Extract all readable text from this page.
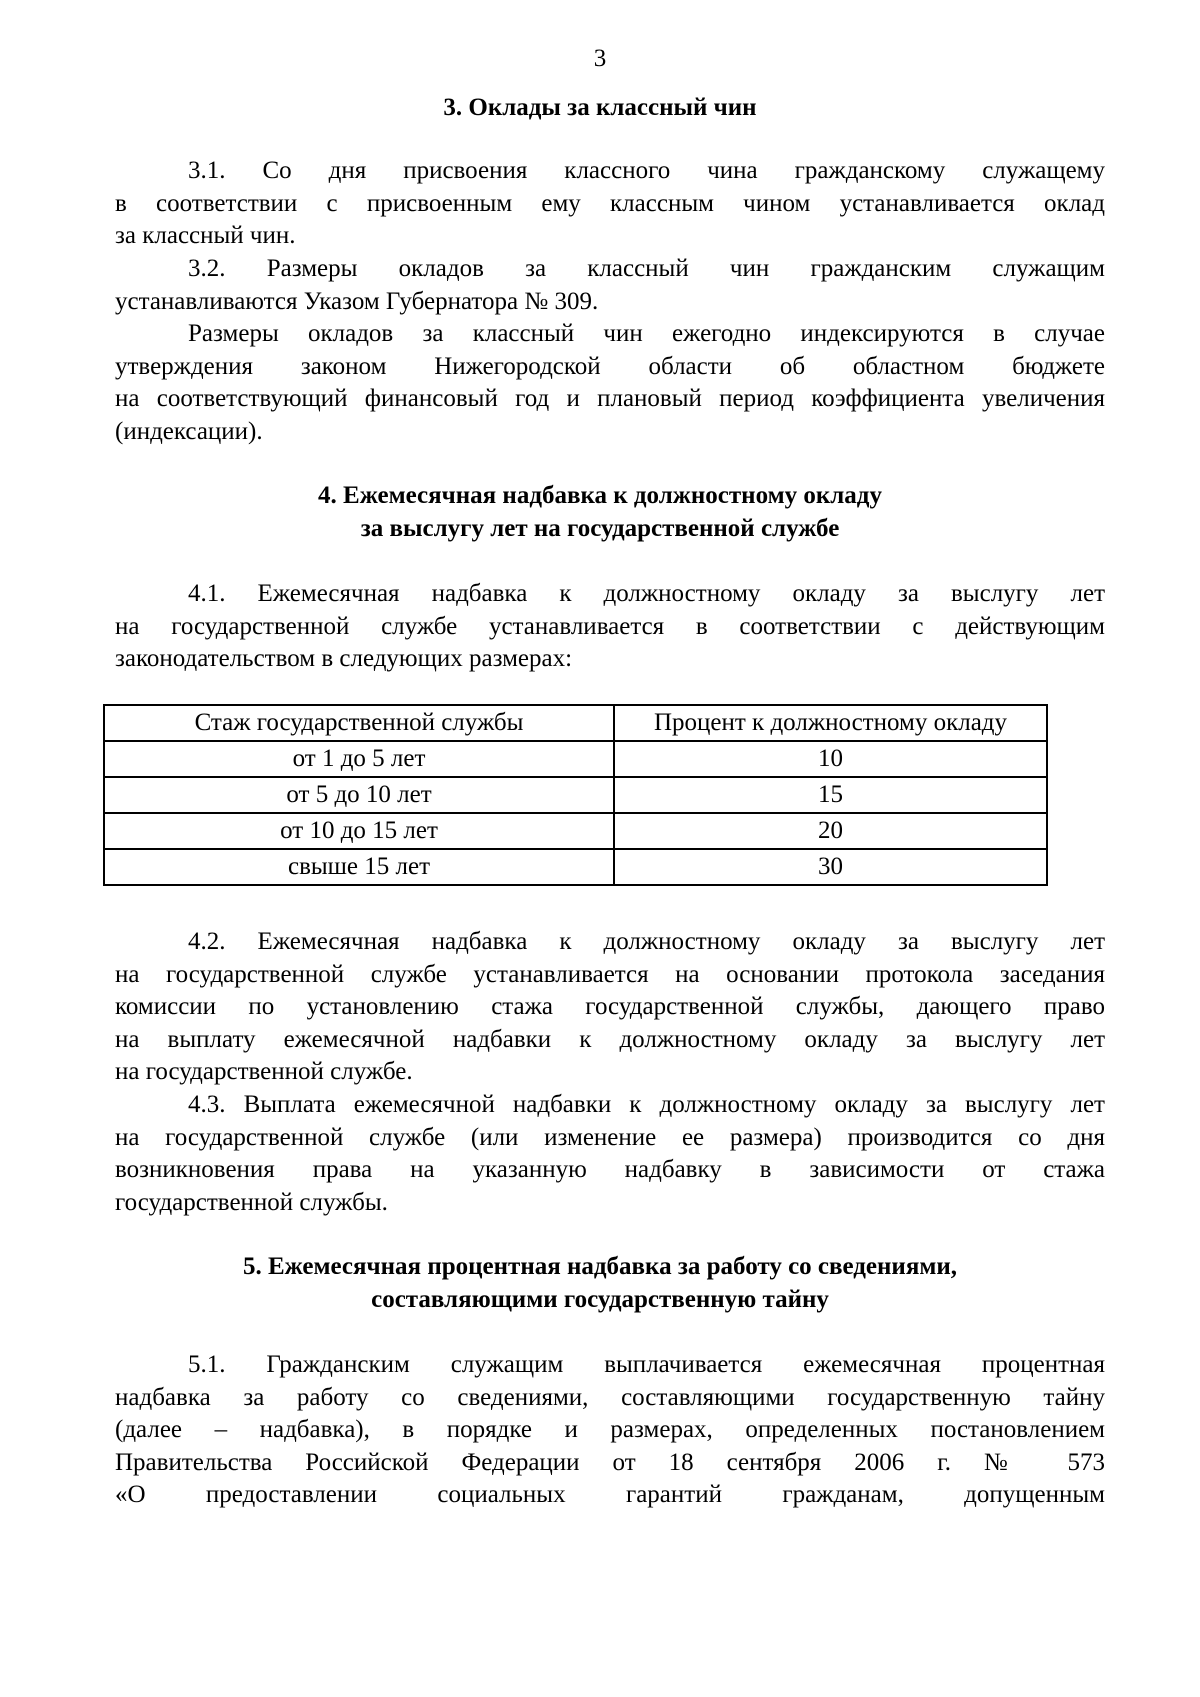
3
3. Оклады за классный чин
3.1. Со дня присвоения классного чина гражданскому служащему
в соответствии с присвоенным ему классным чином устанавливается оклад
за классный чин.
3.2. Размеры окладов за классный чин гражданским служащим
устанавливаются Указом Губернатора № 309.
Размеры окладов за классный чин ежегодно индексируются в случае
утверждения законом Нижегородской области об областном бюджете
на соответствующий финансовый год и плановый период коэффициента увеличения
(индексации).
4. Ежемесячная надбавка к должностному окладу
за выслугу лет на государственной службе
4.1. Ежемесячная надбавка к должностному окладу за выслугу лет
на государственной службе устанавливается в соответствии с действующим
законодательством в следующих размерах:
Стаж государственной службы	Процент к должностному окладу
от 1 до 5 лет	10
от 5 до 10 лет	15
от 10 до 15 лет	20
свыше 15 лет	30
4.2. Ежемесячная надбавка к должностному окладу за выслугу лет
на государственной службе устанавливается на основании протокола заседания
комиссии по установлению стажа государственной службы, дающего право
на выплату ежемесячной надбавки к должностному окладу за выслугу лет
на государственной службе.
4.3. Выплата ежемесячной надбавки к должностному окладу за выслугу лет
на государственной службе (или изменение ее размера) производится со дня
возникновения права на указанную надбавку в зависимости от стажа
государственной службы.
5. Ежемесячная процентная надбавка за работу со сведениями,
составляющими государственную тайну
5.1. Гражданским служащим выплачивается ежемесячная процентная
надбавка за работу со сведениями, составляющими государственную тайну
(далее – надбавка), в порядке и размерах, определенных постановлением
Правительства Российской Федерации от 18 сентября 2006 г. № 573
«О предоставлении социальных гарантий гражданам, допущенным
